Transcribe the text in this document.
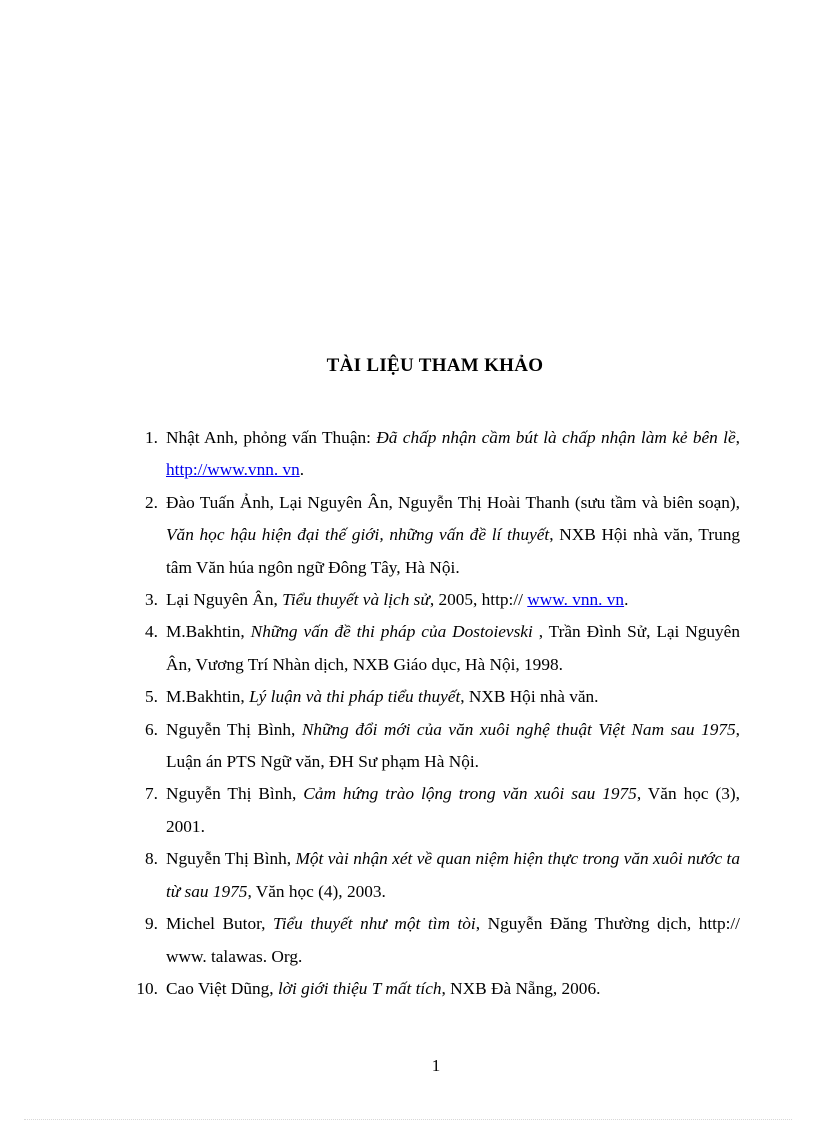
TÀI LIỆU THAM KHẢO
1. Nhật Anh, phỏng vấn Thuận: Đã chấp nhận cầm bút là chấp nhận làm kẻ bên lề, http://www.vnn. vn.
2. Đào Tuấn Ảnh, Lại Nguyên Ân, Nguyễn Thị Hoài Thanh (sưu tầm và biên soạn), Văn học hậu hiện đại thế giới, những vấn đề lí thuyết, NXB Hội nhà văn, Trung tâm Văn húa ngôn ngữ Đông Tây, Hà Nội.
3. Lại Nguyên Ân, Tiểu thuyết và lịch sử, 2005, http:// www. vnn. vn.
4. M.Bakhtin, Những vấn đề thi pháp của Dostoievski , Trần Đình Sử, Lại Nguyên Ân, Vương Trí Nhàn dịch, NXB Giáo dục, Hà Nội, 1998.
5. M.Bakhtin, Lý luận và thi pháp tiểu thuyết, NXB Hội nhà văn.
6. Nguyễn Thị Bình, Những đổi mới của văn xuôi nghệ thuật Việt Nam sau 1975, Luận án PTS Ngữ văn, ĐH Sư phạm Hà Nội.
7. Nguyễn Thị Bình, Cảm hứng trào lộng trong văn xuôi sau 1975, Văn học (3), 2001.
8. Nguyễn Thị Bình, Một vài nhận xét về quan niệm hiện thực trong văn xuôi nước ta từ sau 1975, Văn học (4), 2003.
9. Michel Butor, Tiểu thuyết như một tìm tòi, Nguyễn Đăng Thường dịch, http:// www. talawas. Org.
10. Cao Việt Dũng, lời giới thiệu T mất tích, NXB Đà Nẵng, 2006.
1
